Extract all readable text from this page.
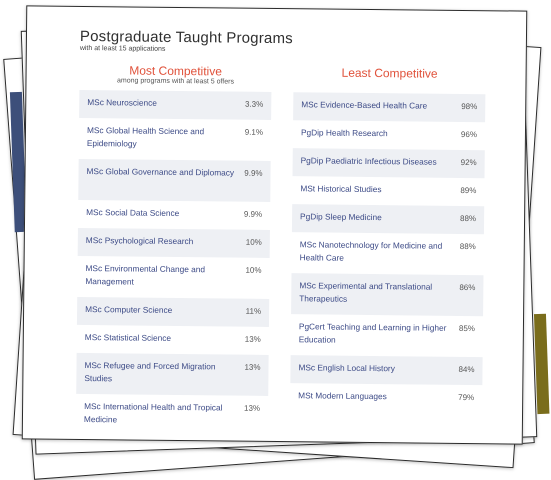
Postgraduate Taught Programs
with at least 15 applications
Most Competitive
among programs with at least 5 offers
Least Competitive
MSc Neuroscience	3.3%
MSc Global Health Science and Epidemiology
9.1%
MSc Global Governance and Diplomacy	9.9%
MSc Social Data Science	9.9%
MSc Psychological Research	10%
MSc Environmental Change and Management
10%
MSc Computer Science	11%
MSc Statistical Science	13%
MSc Refugee and Forced Migration Studies
13%
MSc International Health and Tropical Medicine
13%
MSc Evidence-Based Health Care	98%
PgDip Health Research	96%
PgDip Paediatric Infectious Diseases	92%
MSt Historical Studies	89%
PgDip Sleep Medicine	88%
MSc Nanotechnology for Medicine and Health Care
88%
MSc Experimental and Translational Therapeutics
86%
PgCert Teaching and Learning in Higher Education
85%
MSc English Local History	84%
MSt Modern Languages	79%
